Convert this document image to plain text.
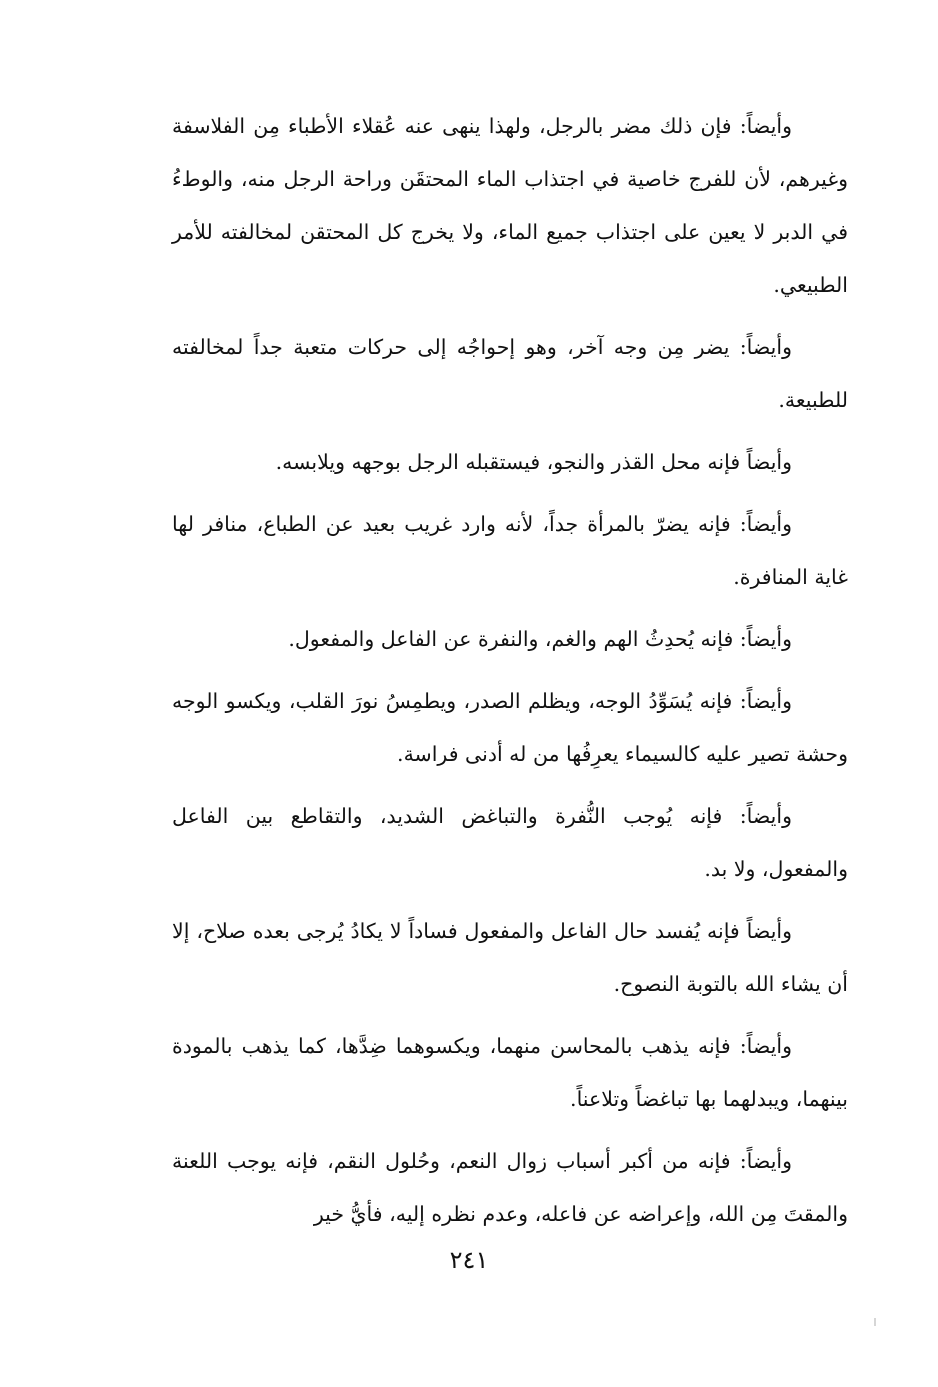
وأيضاً: فإن ذلك مضر بالرجل، ولهذا ينهى عنه عُقلاء الأطباء مِن الفلاسفة وغيرهم، لأن للفرج خاصية في اجتذاب الماء المحتقَن وراحة الرجل منه، والوطءُ في الدبر لا يعين على اجتذاب جميع الماء، ولا يخرج كل المحتقن لمخالفته للأمر الطبيعي.

وأيضاً: يضر مِن وجه آخر، وهو إحواجُه إلى حركات متعبة جداً لمخالفته للطبيعة.

وأيضاً فإنه محل القذر والنجو، فيستقبله الرجل بوجهه ويلابسه.

وأيضاً: فإنه يضرّ بالمرأة جداً، لأنه وارد غريب بعيد عن الطباع، منافر لها غاية المنافرة.

وأيضاً: فإنه يُحدِثُ الهم والغم، والنفرة عن الفاعل والمفعول.

وأيضاً: فإنه يُسَوِّدُ الوجه، ويظلم الصدر، ويطمِسُ نورَ القلب، ويكسو الوجه وحشة تصير عليه كالسيماء يعرِفُها من له أدنى فراسة.

وأيضاً: فإنه يُوجب النُّفرة والتباغض الشديد، والتقاطع بين الفاعل والمفعول، ولا بد.

وأيضاً فإنه يُفسد حال الفاعل والمفعول فساداً لا يكادُ يُرجى بعده صلاح، إلا أن يشاء الله بالتوبة النصوح.

وأيضاً: فإنه يذهب بالمحاسن منهما، ويكسوهما ضِدَّها، كما يذهب بالمودة بينهما، ويبدلهما بها تباغضاً وتلاعناً.

وأيضاً: فإنه من أكبر أسباب زوال النعم، وحُلول النقم، فإنه يوجب اللعنة والمقتَ مِن الله، وإعراضه عن فاعله، وعدم نظره إليه، فأيُّ خير

٢٤١
